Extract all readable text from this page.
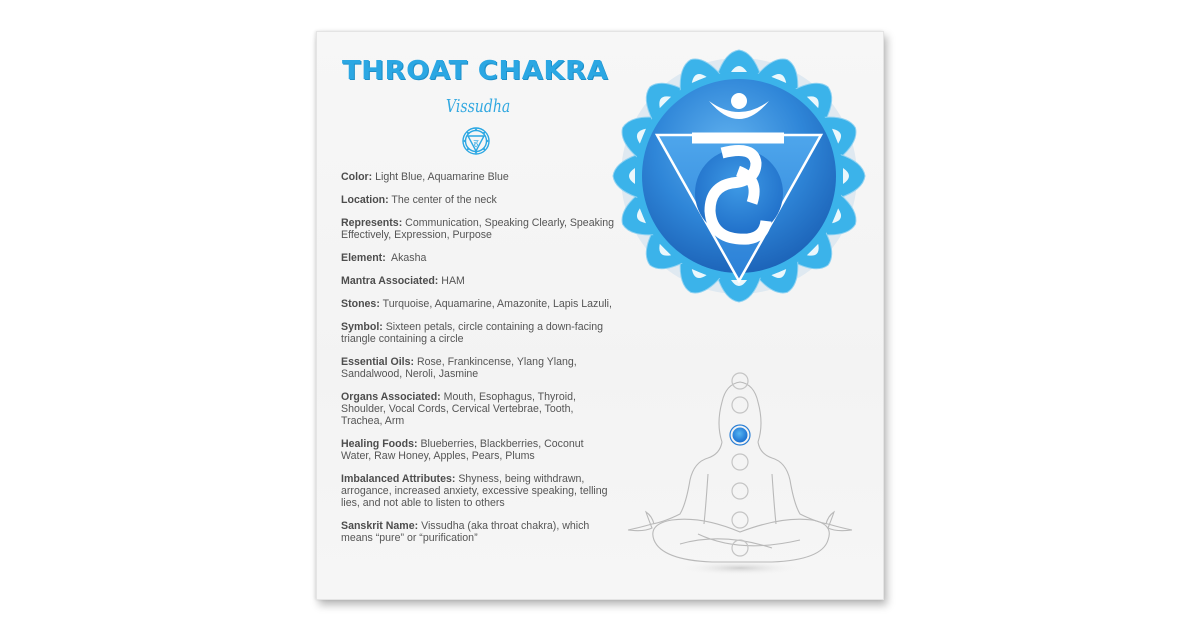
THROAT CHAKRA
Vissudha
ह
Color: Light Blue, Aquamarine Blue
Location: The center of the neck
Represents: Communication, Speaking Clearly, Speaking Effectively, Expression, Purpose
Element:  Akasha
Mantra Associated: HAM
Stones: Turquoise, Aquamarine, Amazonite, Lapis Lazuli,
Symbol: Sixteen petals, circle containing a down-facing triangle containing a circle
Essential Oils: Rose, Frankincense, Ylang Ylang, Sandalwood, Neroli, Jasmine
Organs Associated: Mouth, Esophagus, Thyroid, Shoulder, Vocal Cords, Cervical Vertebrae, Tooth, Trachea, Arm
Healing Foods: Blueberries, Blackberries, Coconut Water, Raw Honey, Apples, Pears, Plums
Imbalanced Attributes: Shyness, being withdrawn, arrogance, increased anxiety, excessive speaking, telling lies, and not able to listen to others
Sanskrit Name: Vissudha (aka throat chakra), which means “pure” or “purification”
